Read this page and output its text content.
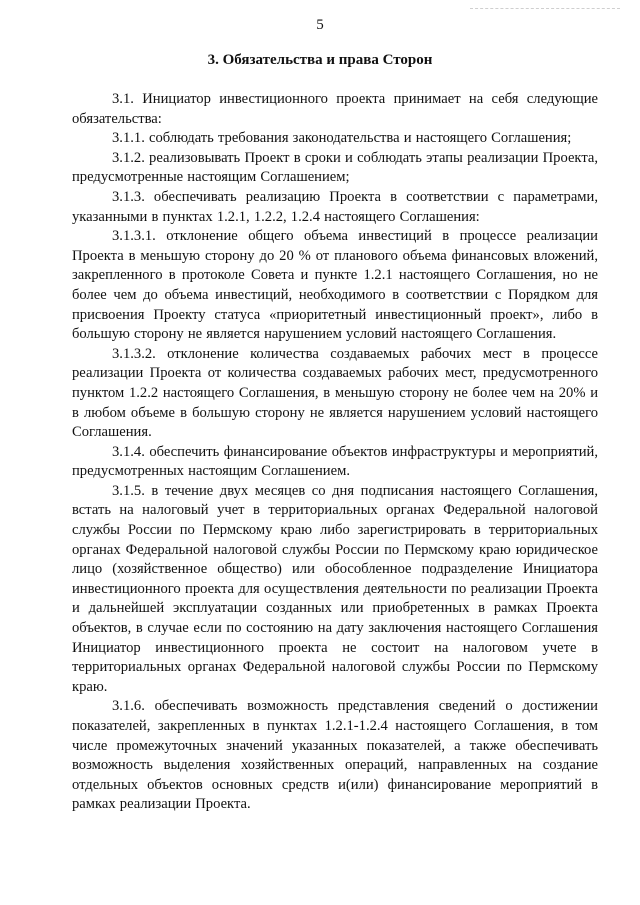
5
3. Обязательства и права Сторон

3.1. Инициатор инвестиционного проекта принимает на себя следующие обязательства:

3.1.1. соблюдать требования законодательства и настоящего Соглашения;

3.1.2. реализовывать Проект в сроки и соблюдать этапы реализации Проекта, предусмотренные настоящим Соглашением;

3.1.3. обеспечивать реализацию Проекта в соответствии с параметрами, указанными в пунктах 1.2.1, 1.2.2, 1.2.4 настоящего Соглашения:

3.1.3.1. отклонение общего объема инвестиций в процессе реализации Проекта в меньшую сторону до 20 % от планового объема финансовых вложений, закрепленного в протоколе Совета и пункте 1.2.1 настоящего Соглашения, но не более чем до объема инвестиций, необходимого в соответствии с Порядком для присвоения Проекту статуса «приоритетный инвестиционный проект», либо в большую сторону не является нарушением условий настоящего Соглашения.

3.1.3.2. отклонение количества создаваемых рабочих мест в процессе реализации Проекта от количества создаваемых рабочих мест, предусмотренного пунктом 1.2.2 настоящего Соглашения, в меньшую сторону не более чем на 20% и в любом объеме в большую сторону не является нарушением условий настоящего Соглашения.

3.1.4. обеспечить финансирование объектов инфраструктуры и мероприятий, предусмотренных настоящим Соглашением.

3.1.5. в течение двух месяцев со дня подписания настоящего Соглашения, встать на налоговый учет в территориальных органах Федеральной налоговой службы России по Пермскому краю либо зарегистрировать в территориальных органах Федеральной налоговой службы России по Пермскому краю юридическое лицо (хозяйственное общество) или обособленное подразделение Инициатора инвестиционного проекта для осуществления деятельности по реализации Проекта и дальнейшей эксплуатации созданных или приобретенных в рамках Проекта объектов, в случае если по состоянию на дату заключения настоящего Соглашения Инициатор инвестиционного проекта не состоит на налоговом учете в территориальных органах Федеральной налоговой службы России по Пермскому краю.

3.1.6. обеспечивать возможность представления сведений о достижении показателей, закрепленных в пунктах 1.2.1-1.2.4 настоящего Соглашения, в том числе промежуточных значений указанных показателей, а также обеспечивать возможность выделения хозяйственных операций, направленных на создание отдельных объектов основных средств и(или) финансирование мероприятий в рамках реализации Проекта.
